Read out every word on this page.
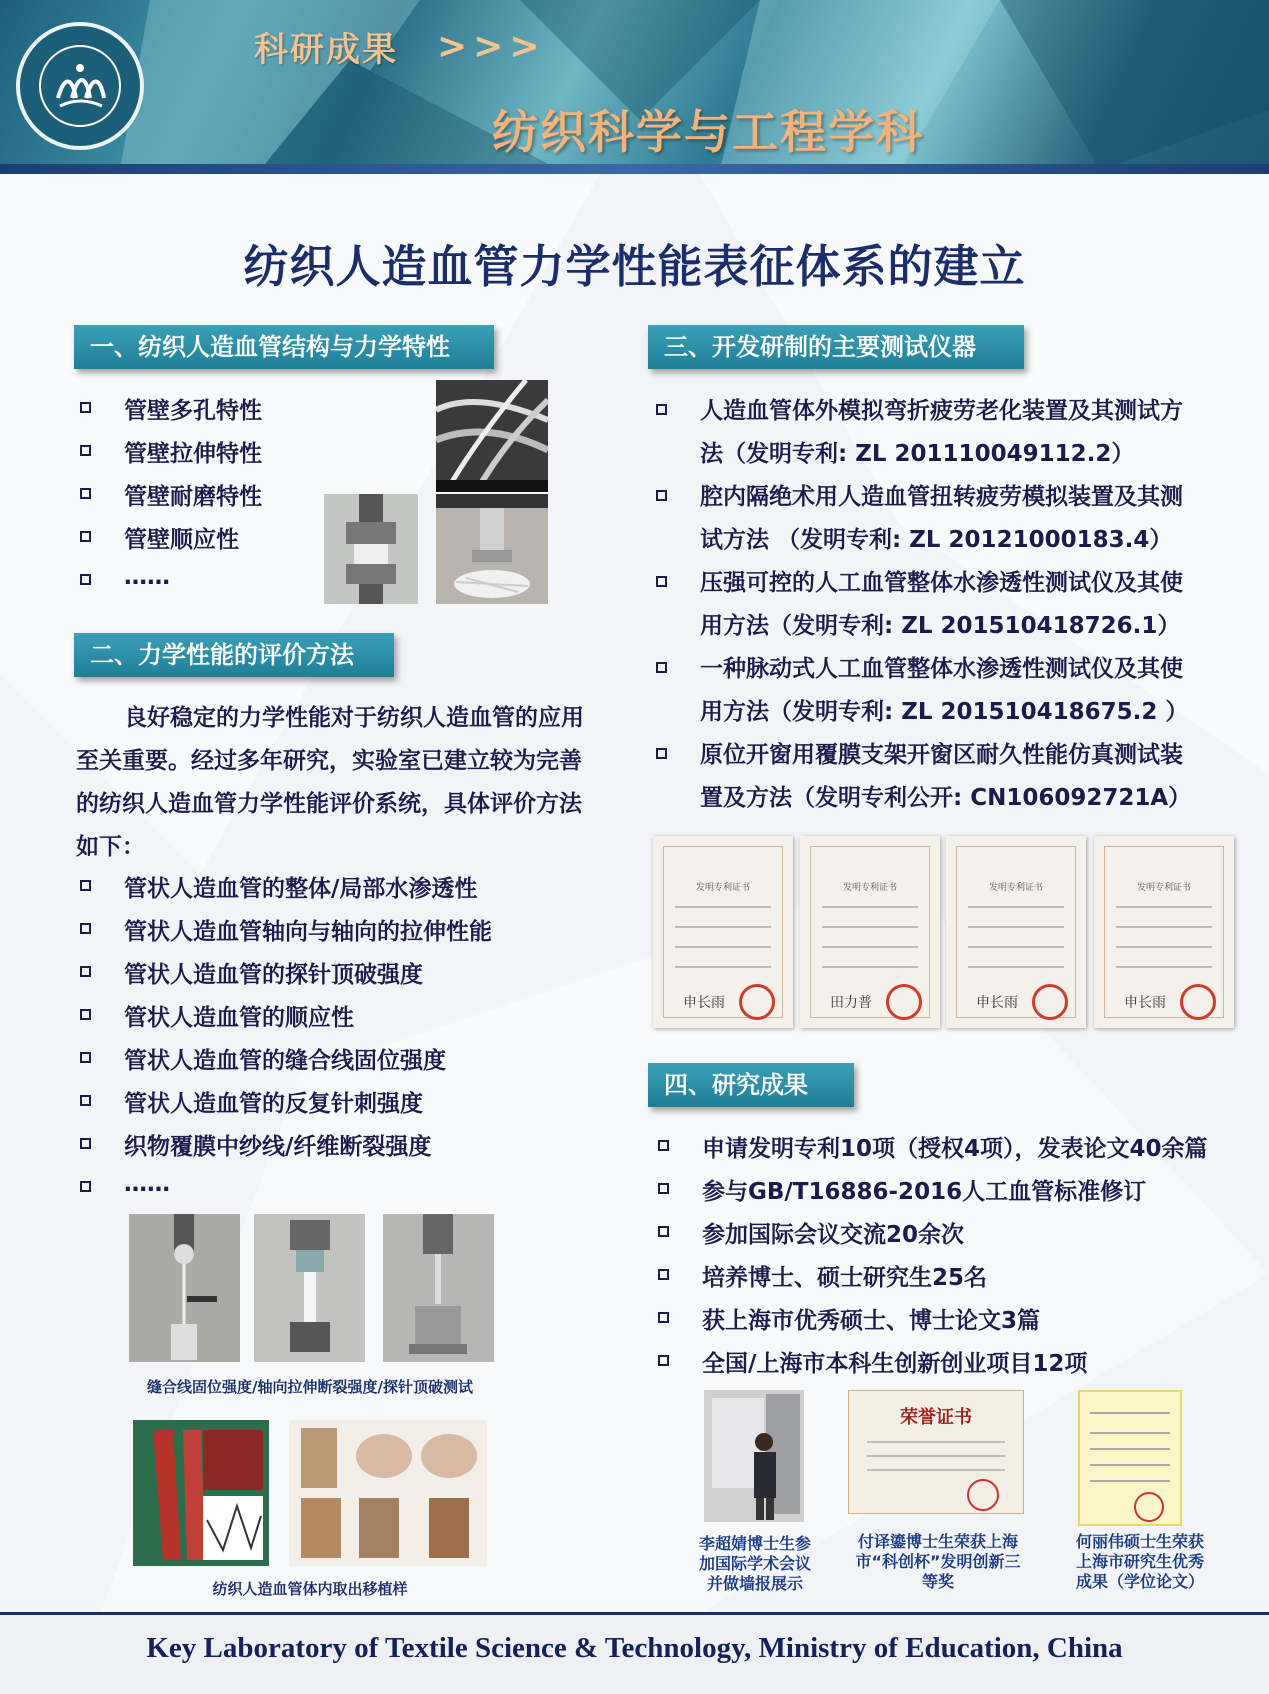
科研成果 >>>
纺织科学与工程学科
纺织人造血管力学性能表征体系的建立
一、纺织人造血管结构与力学特性
管壁多孔特性
管壁拉伸特性
管壁耐磨特性
管壁顺应性
……
二、力学性能的评价方法
良好稳定的力学性能对于纺织人造血管的应用至关重要。经过多年研究，实验室已建立较为完善的纺织人造血管力学性能评价系统，具体评价方法如下：
管状人造血管的整体/局部水渗透性
管状人造血管轴向与轴向的拉伸性能
管状人造血管的探针顶破强度
管状人造血管的顺应性
管状人造血管的缝合线固位强度
管状人造血管的反复针刺强度
织物覆膜中纱线/纤维断裂强度
……
缝合线固位强度/轴向拉伸断裂强度/探针顶破测试
纺织人造血管体内取出移植样
三、开发研制的主要测试仪器
人造血管体外模拟弯折疲劳老化装置及其测试方
法（发明专利: ZL 201110049112.2）
腔内隔绝术用人造血管扭转疲劳模拟装置及其测
试方法 （发明专利: ZL 20121000183.4）
压强可控的人工血管整体水渗透性测试仪及其使
用方法（发明专利: ZL 201510418726.1）
一种脉动式人工血管整体水渗透性测试仪及其使
用方法（发明专利: ZL 201510418675.2 ）
原位开窗用覆膜支架开窗区耐久性能仿真测试装
置及方法（发明专利公开: CN106092721A）
发明专利证书
申长雨
发明专利证书
田力普
发明专利证书
申长雨
发明专利证书
申长雨
四、研究成果
申请发明专利10项（授权4项），发表论文40余篇
参与GB/T16886-2016人工血管标准修订
参加国际会议交流20余次
培养博士、硕士研究生25名
获上海市优秀硕士、博士论文3篇
全国/上海市本科生创新创业项目12项
荣誉证书
李超婧博士生参加国际学术会议并做墙报展示
付译鎏博士生荣获上海市“科创杯”发明创新三等奖
何丽伟硕士生荣获上海市研究生优秀成果（学位论文）
Key Laboratory of Textile Science & Technology, Ministry of Education, China
